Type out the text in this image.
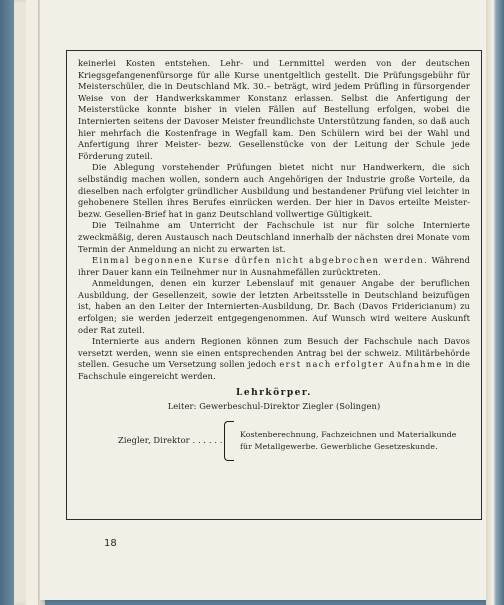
keinerlei Kosten entstehen. Lehr- und Lernmittel werden von der deutschen Kriegsgefangenenfürsorge für alle Kurse unentgeltlich gestellt. Die Prüfungsgebühr für Meisterschüler, die in Deutschland Mk. 30.– beträgt, wird jedem Prüfling in fürsorgender Weise von der Handwerkskammer Konstanz erlassen. Selbst die Anfertigung der Meisterstücke konnte bisher in vielen Fällen auf Bestellung erfolgen, wobei die Internierten seitens der Davoser Meister freundlichste Unterstützung fanden, so daß auch hier mehrfach die Kostenfrage in Wegfall kam. Den Schülern wird bei der Wahl und Anfertigung ihrer Meister- bezw. Gesellenstücke von der Leitung der Schule jede Förderung zuteil.

Die Ablegung vorstehender Prüfungen bietet nicht nur Handwerkern, die sich selbständig machen wollen, sondern auch Angehörigen der Industrie große Vorteile, da dieselben nach erfolgter gründlicher Ausbildung und bestandener Prüfung viel leichter in gehobenere Stellen ihres Berufes einrücken werden. Der hier in Davos erteilte Meister- bezw. Gesellen-Brief hat in ganz Deutschland vollwertige Gültigkeit.

Die Teilnahme am Unterricht der Fachschule ist nur für solche Internierte zweckmäßig, deren Austausch nach Deutschland innerhalb der nächsten drei Monate vom Termin der Anmeldung an nicht zu erwarten ist.

Einmal begonnene Kurse dürfen nicht abgebrochen werden. Während ihrer Dauer kann ein Teilnehmer nur in Ausnahmefällen zurücktreten.

Anmeldungen, denen ein kurzer Lebenslauf mit genauer Angabe der beruflichen Ausbildung, der Gesellenzeit, sowie der letzten Arbeitsstelle in Deutschland beizufügen ist, haben an den Leiter der Internierten-Ausbildung, Dr. Bach (Davos Fridericianum) zu erfolgen; sie werden jederzeit entgegengenommen. Auf Wunsch wird weitere Auskunft oder Rat zuteil.

Internierte aus andern Regionen können zum Besuch der Fachschule nach Davos versetzt werden, wenn sie einen entsprechenden Antrag bei der schweiz. Militärbehörde stellen. Gesuche um Versetzung sollen jedoch erst nach erfolgter Aufnahme in die Fachschule eingereicht werden.

Lehrkörper.
Leiter: Gewerbeschul-Direktor Ziegler (Solingen)
Ziegler, Direktor . . . . . .
Kostenberechnung, Fachzeichnen und Materialkunde für Metallgewerbe. Gewerbliche Gesetzeskunde.
18
